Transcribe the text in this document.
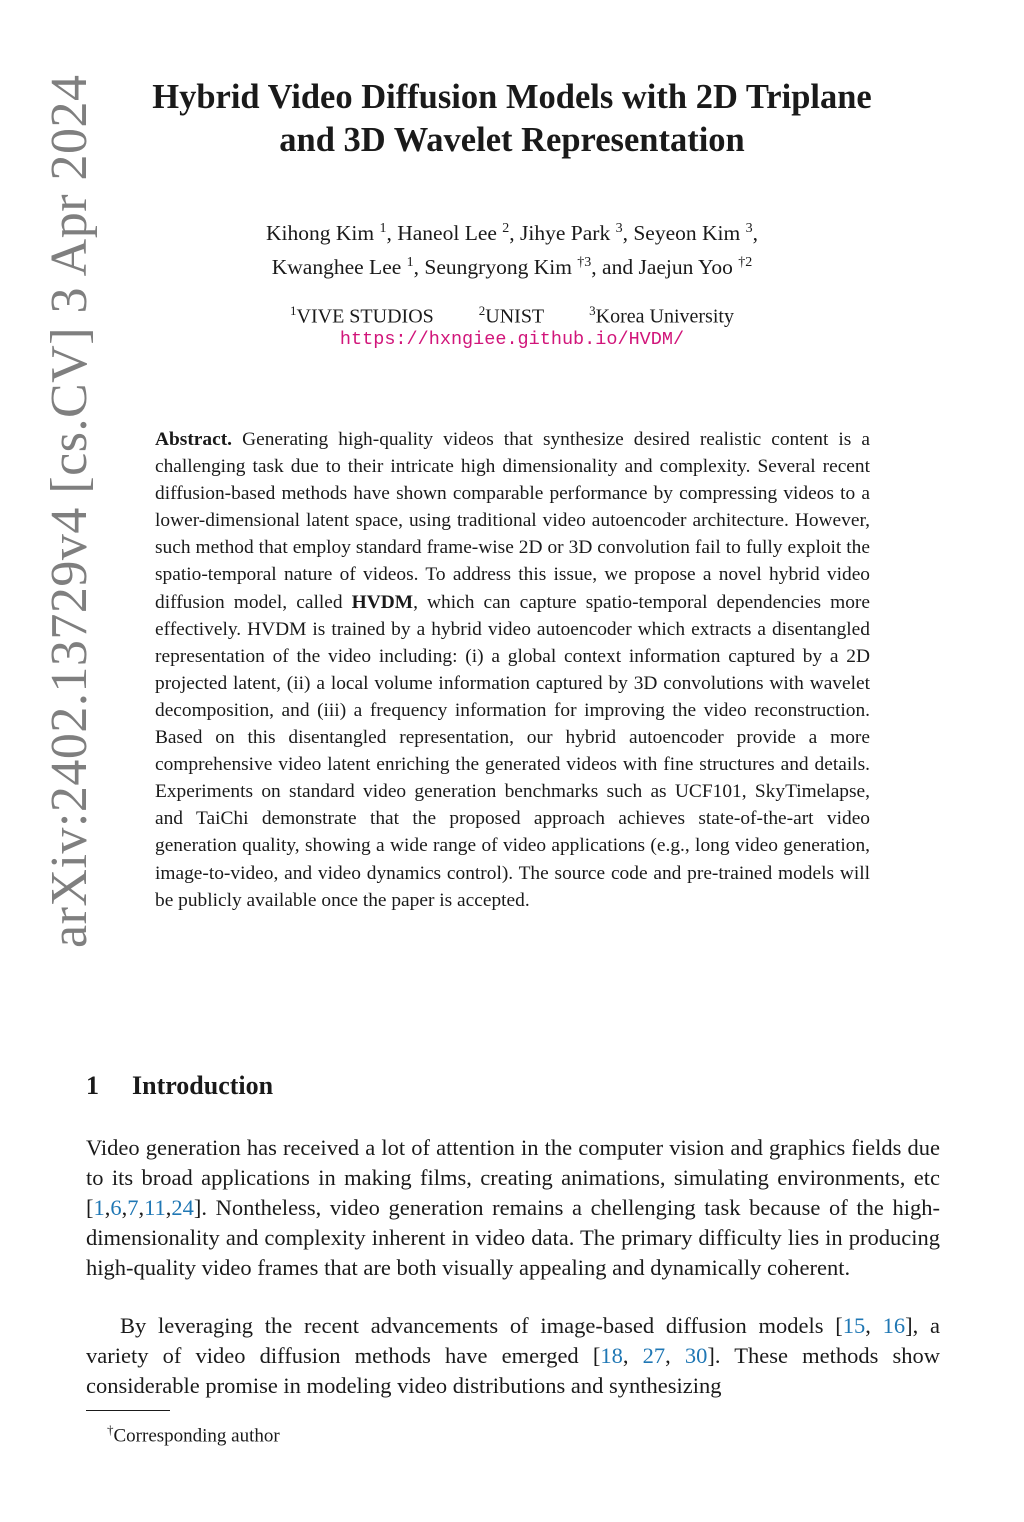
arXiv:2402.13729v4 [cs.CV] 3 Apr 2024	Hybrid Video Diffusion Models with 2D Triplane
and 3D Wavelet Representation
Kihong Kim $^1$, Haneol Lee $^2$, Jihye Park $^3$, Seyeon Kim $^3$,
Kwanghee Lee $^1$, Seungryong Kim $^{\dagger 3}$, and Jaejun Yoo $^{\dagger 2}$
$^1$VIVE STUDIOS	$^2$UNIST	$^3$Korea University
https://hxngiee.github.io/HVDM/

Abstract. Generating high-quality videos that synthesize desired realistic content is a challenging task due to their intricate high dimensionality and complexity. Several recent diffusion-based methods have shown comparable performance by compressing videos to a lower-dimensional latent space, using traditional video autoencoder architecture. However, such method that employ standard frame-wise 2D or 3D convolution fail to fully exploit the spatio-temporal nature of videos. To address this issue, we propose a novel hybrid video diffusion model, called HVDM, which can capture spatio-temporal dependencies more effectively. HVDM is trained by a hybrid video autoencoder which extracts a disentangled representation of the video including: (i) a global context information captured by a 2D projected latent, (ii) a local volume information captured by 3D convolutions with wavelet decomposition, and (iii) a frequency information for improving the video reconstruction. Based on this disentangled representation, our hybrid autoencoder provide a more comprehensive video latent enriching the generated videos with fine structures and details. Experiments on standard video generation benchmarks such as UCF101, SkyTimelapse, and TaiChi demonstrate that the proposed approach achieves state-of-the-art video generation quality, showing a wide range of video applications (e.g., long video generation, image-to-video, and video dynamics control). The source code and pre-trained models will be publicly available once the paper is accepted.

1 Introduction

Video generation has received a lot of attention in the computer vision and graphics fields due to its broad applications in making films, creating animations, simulating environments, etc [1,6,7,11,24]. Nontheless, video generation remains a chellenging task because of the high-dimensionality and complexity inherent in video data. The primary difficulty lies in producing high-quality video frames that are both visually appealing and dynamically coherent.

By leveraging the recent advancements of image-based diffusion models [15, 16], a variety of video diffusion methods have emerged [18, 27, 30]. These methods show considerable promise in modeling video distributions and synthesizing

†Corresponding author
